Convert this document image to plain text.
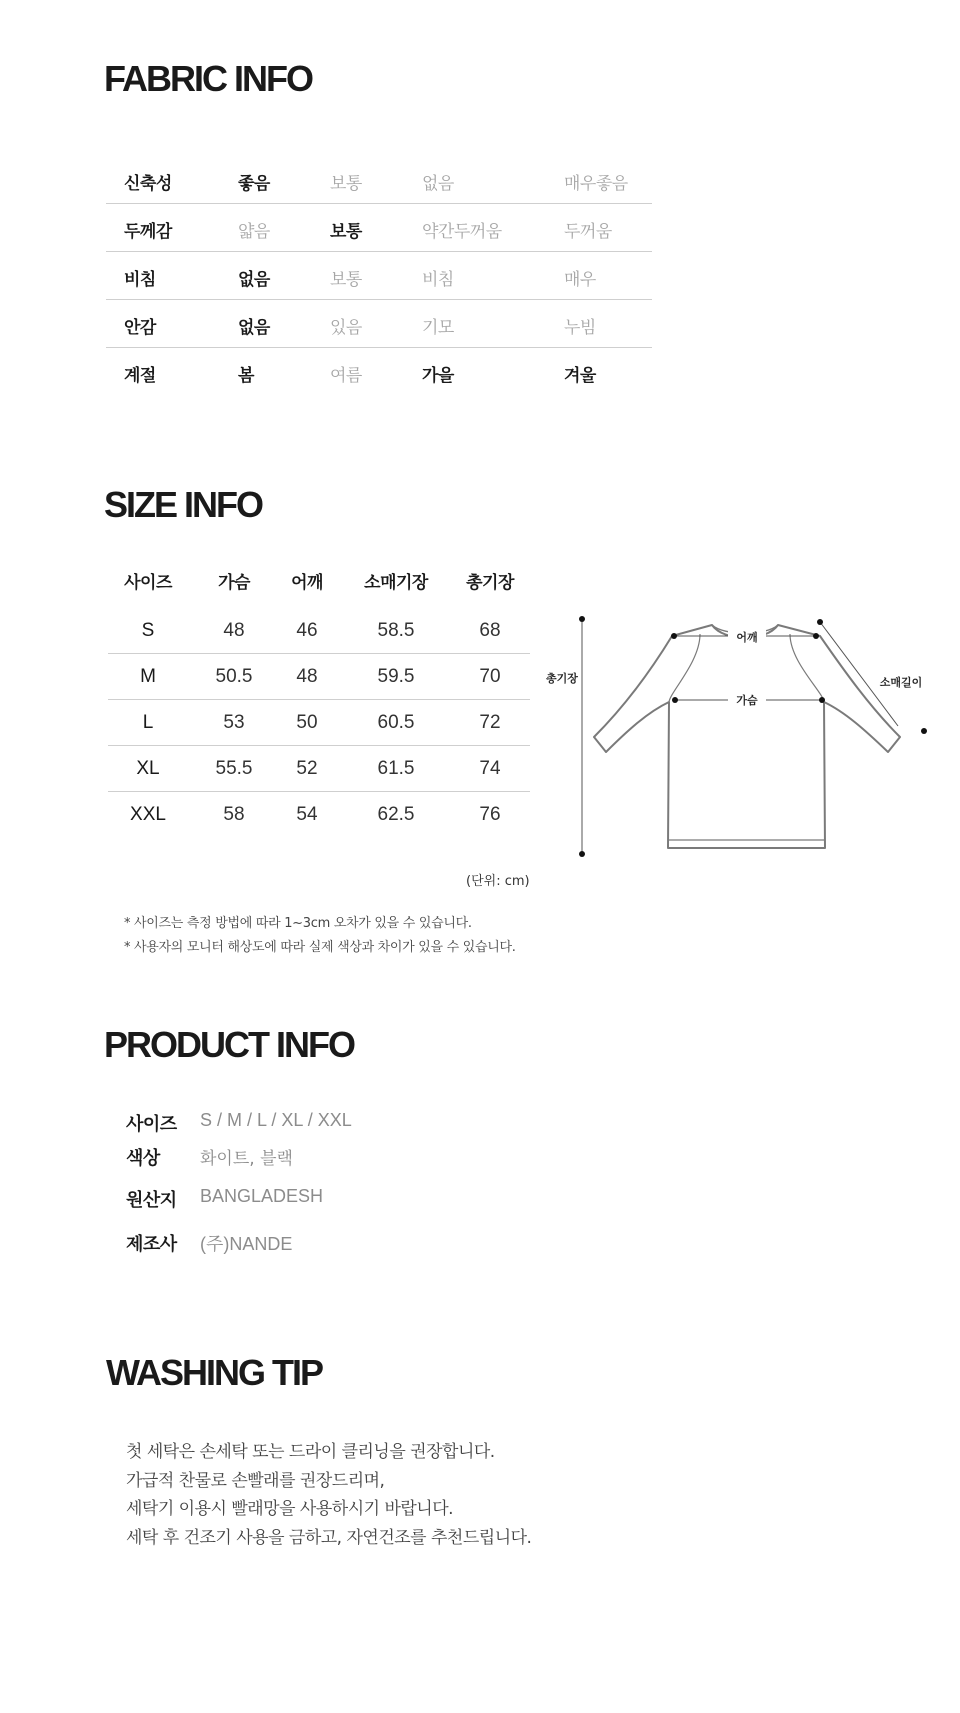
FABRIC INFO
신축성	좋음	보통	없음	매우좋음
두께감	얇음	보통	약간두꺼움	두꺼움
비침	없음	보통	비침	매우
안감	없음	있음	기모	누빔
계절	봄	여름	가을	겨울
SIZE INFO
사이즈	가슴 어깨 소매기장 총기장
S	48	46	58.5	68
M	50.5 48	59.5	70
L	53	50	60.5	72
XL	55.5 52	61.5	74
XXL	58	54	62.5	76
(단위: cm)
어깨
가슴
총기장	소매길이
* 사이즈는 측정 방법에 따라 1~3cm 오차가 있을 수 있습니다.
* 사용자의 모니터 해상도에 따라 실제 색상과 차이가 있을 수 있습니다.
PRODUCT INFO
사이즈 S / M / L / XL / XXL
색상 화이트, 블랙
원산지 BANGLADESH
제조사 (주)NANDE
WASHING TIP
첫 세탁은 손세탁 또는 드라이 클리닝을 권장합니다.
가급적 찬물로 손빨래를 권장드리며,
세탁기 이용시 빨래망을 사용하시기 바랍니다.
세탁 후 건조기 사용을 금하고, 자연건조를 추천드립니다.
